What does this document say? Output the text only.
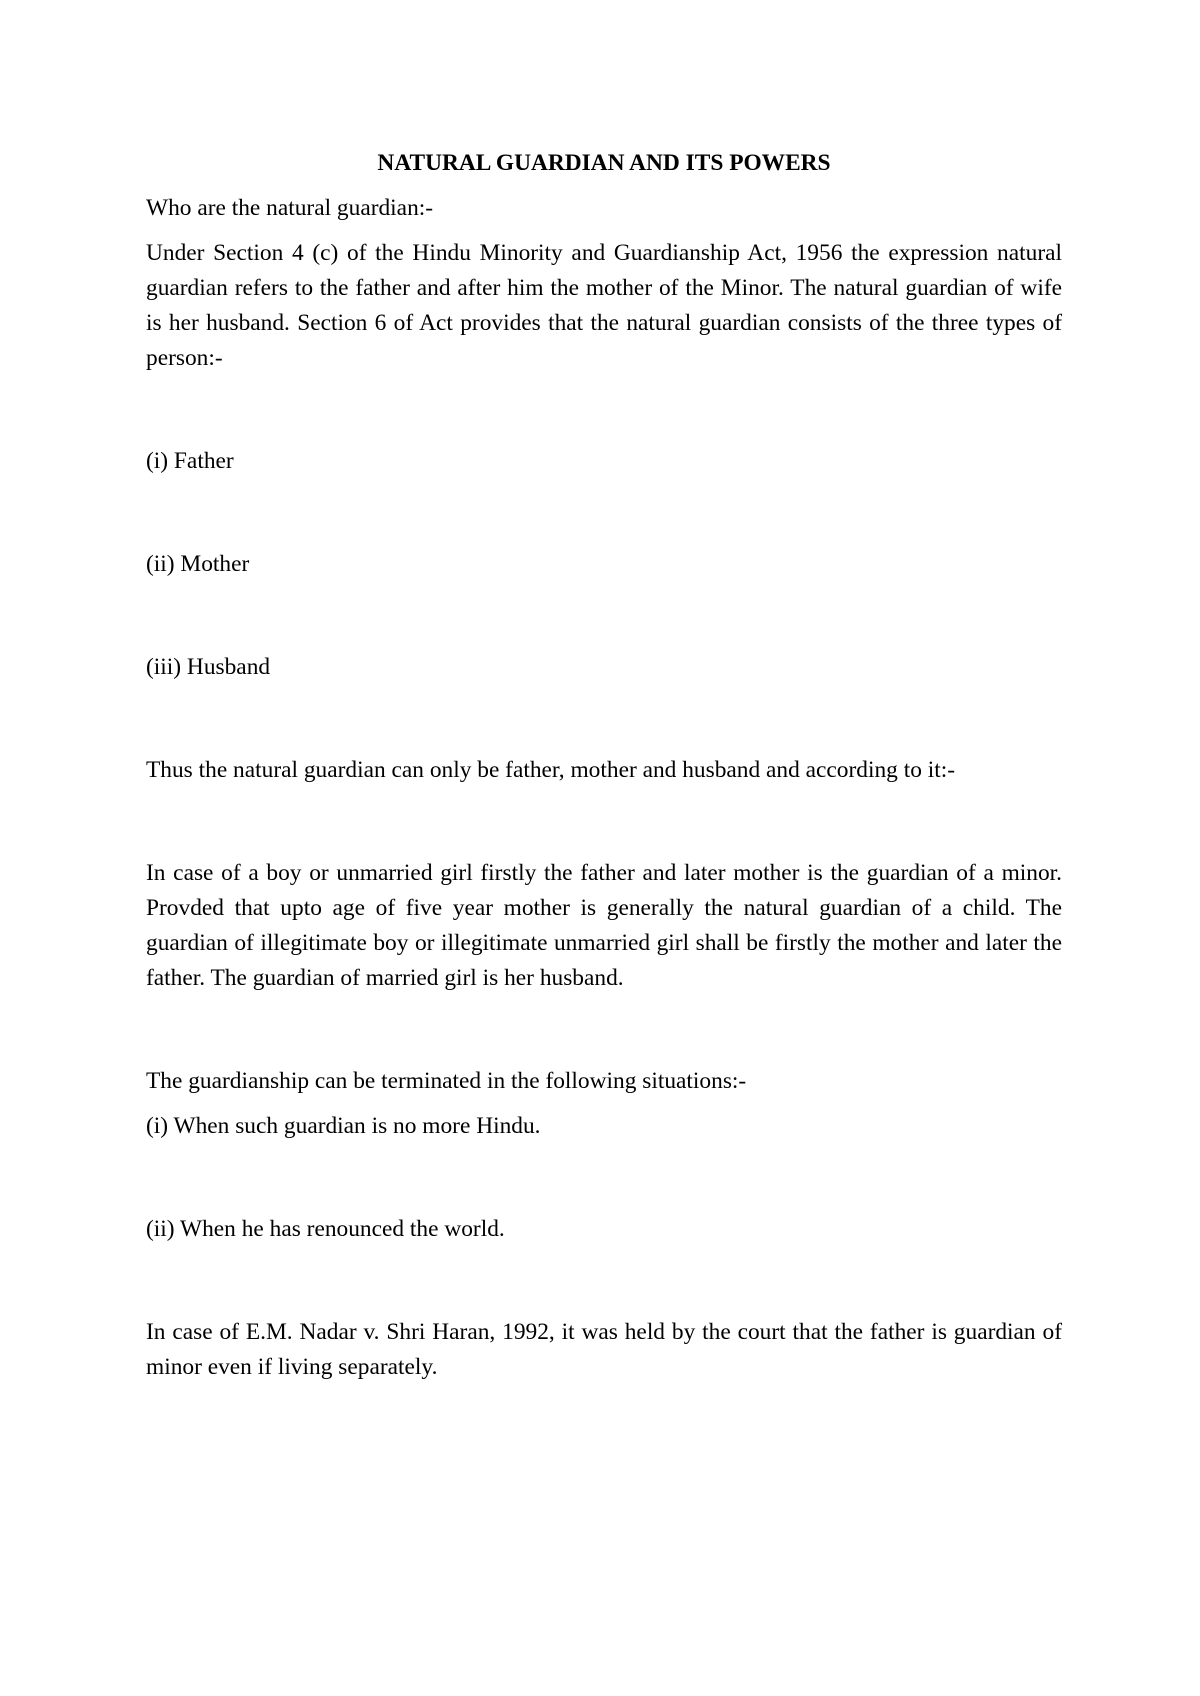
NATURAL GUARDIAN AND ITS POWERS

Who are the natural guardian:-

Under Section 4 (c) of the Hindu Minority and Guardianship Act, 1956 the expression natural guardian refers to the father and after him the mother of the Minor. The natural guardian of wife is her husband. Section 6 of Act provides that the natural guardian consists of the three types of person:-

(i) Father

(ii) Mother

(iii) Husband

Thus the natural guardian can only be father, mother and husband and according to it:-

In case of a boy or unmarried girl firstly the father and later mother is the guardian of a minor. Provded that upto age of five year mother is generally the natural guardian of a child. The guardian of illegitimate boy or illegitimate unmarried girl shall be firstly the mother and later the father. The guardian of married girl is her husband.

The guardianship can be terminated in the following situations:-

(i) When such guardian is no more Hindu.

(ii) When he has renounced the world.

In case of E.M. Nadar v. Shri Haran, 1992, it was held by the court that the father is guardian of minor even if living separately.
